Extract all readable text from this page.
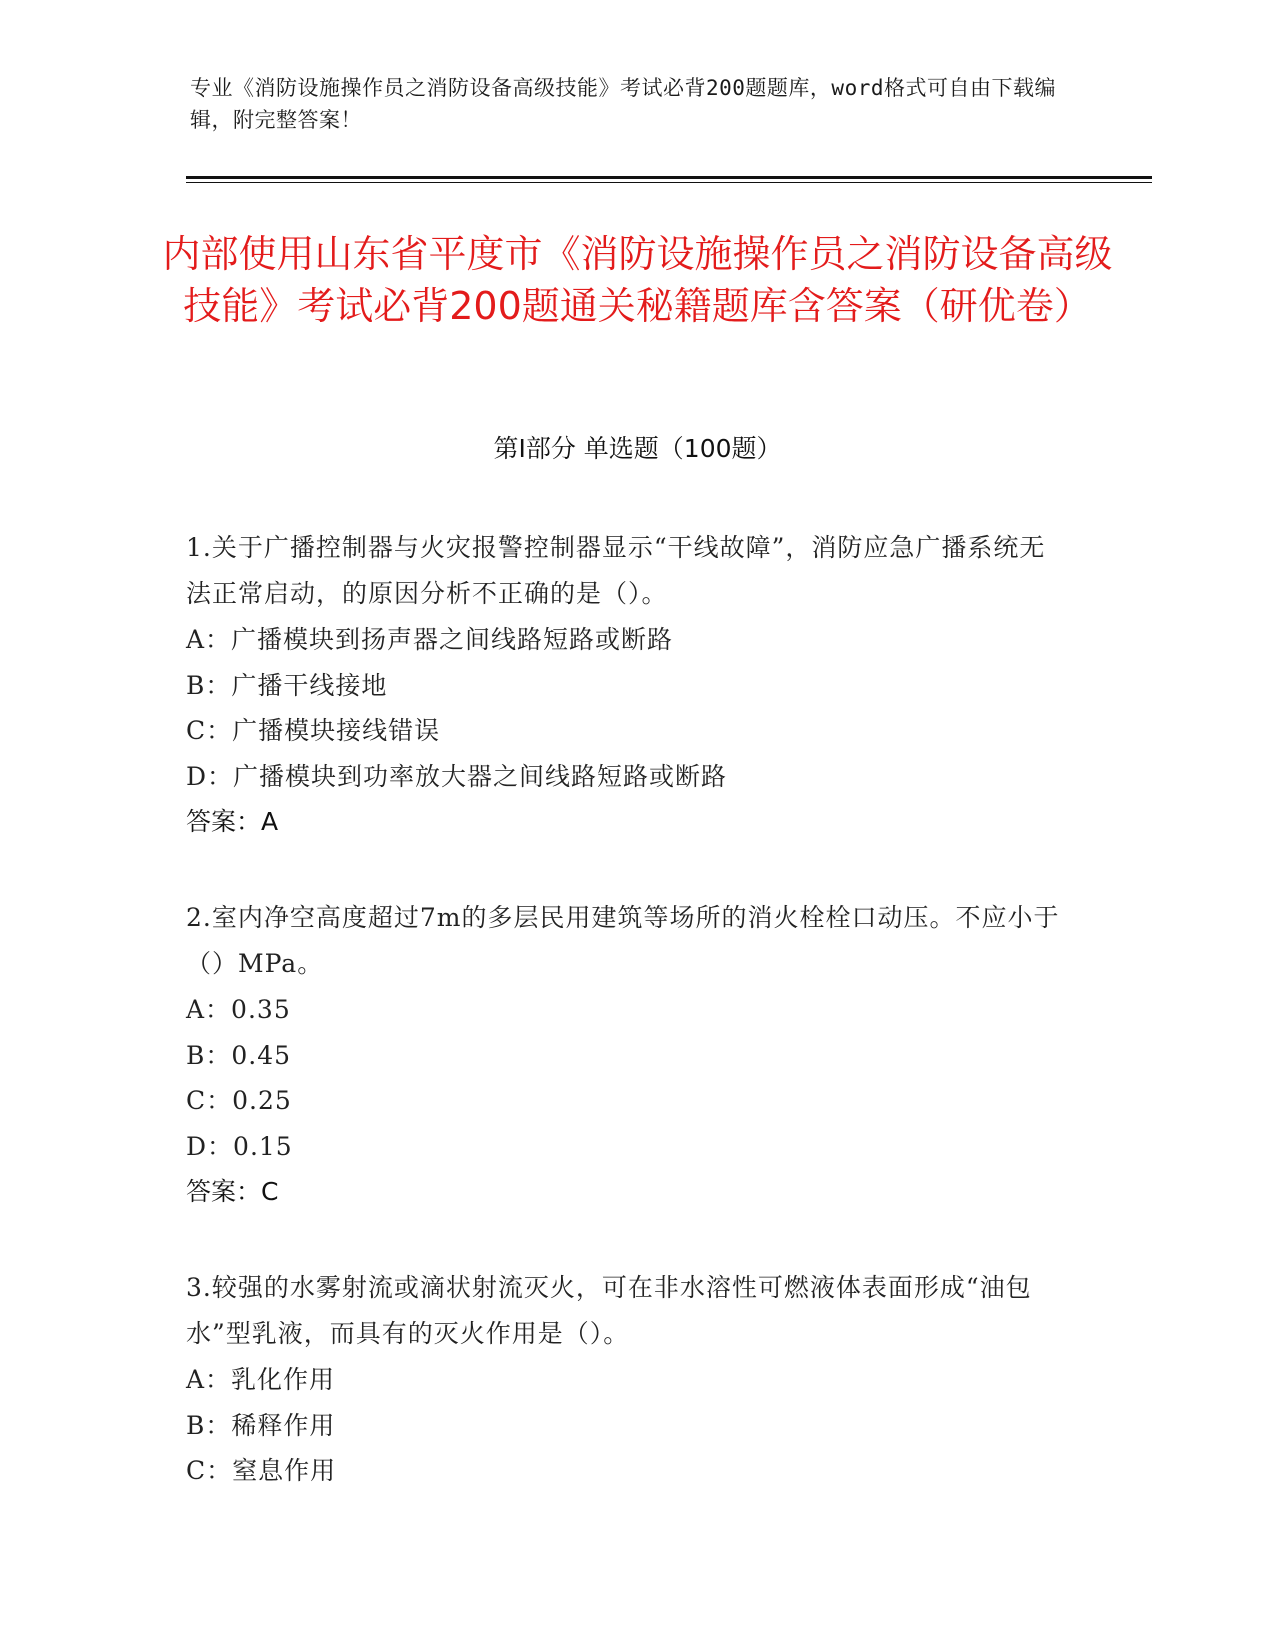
专业《消防设施操作员之消防设备高级技能》考试必背200题题库，word格式可自由下载编辑，附完整答案！
内部使用山东省平度市《消防设施操作员之消防设备高级技能》考试必背200题通关秘籍题库含答案（研优卷）
第Ⅰ部分 单选题（100题）
1.关于广播控制器与火灾报警控制器显示“干线故障”，消防应急广播系统无法正常启动，的原因分析不正确的是（）。
A：广播模块到扬声器之间线路短路或断路
B：广播干线接地
C：广播模块接线错误
D：广播模块到功率放大器之间线路短路或断路
答案：A
2.室内净空高度超过7m的多层民用建筑等场所的消火栓栓口动压。不应小于（）MPa。
A：0.35
B：0.45
C：0.25
D：0.15
答案：C
3.较强的水雾射流或滴状射流灭火，可在非水溶性可燃液体表面形成“油包水”型乳液，而具有的灭火作用是（）。
A：乳化作用
B：稀释作用
C：窒息作用
